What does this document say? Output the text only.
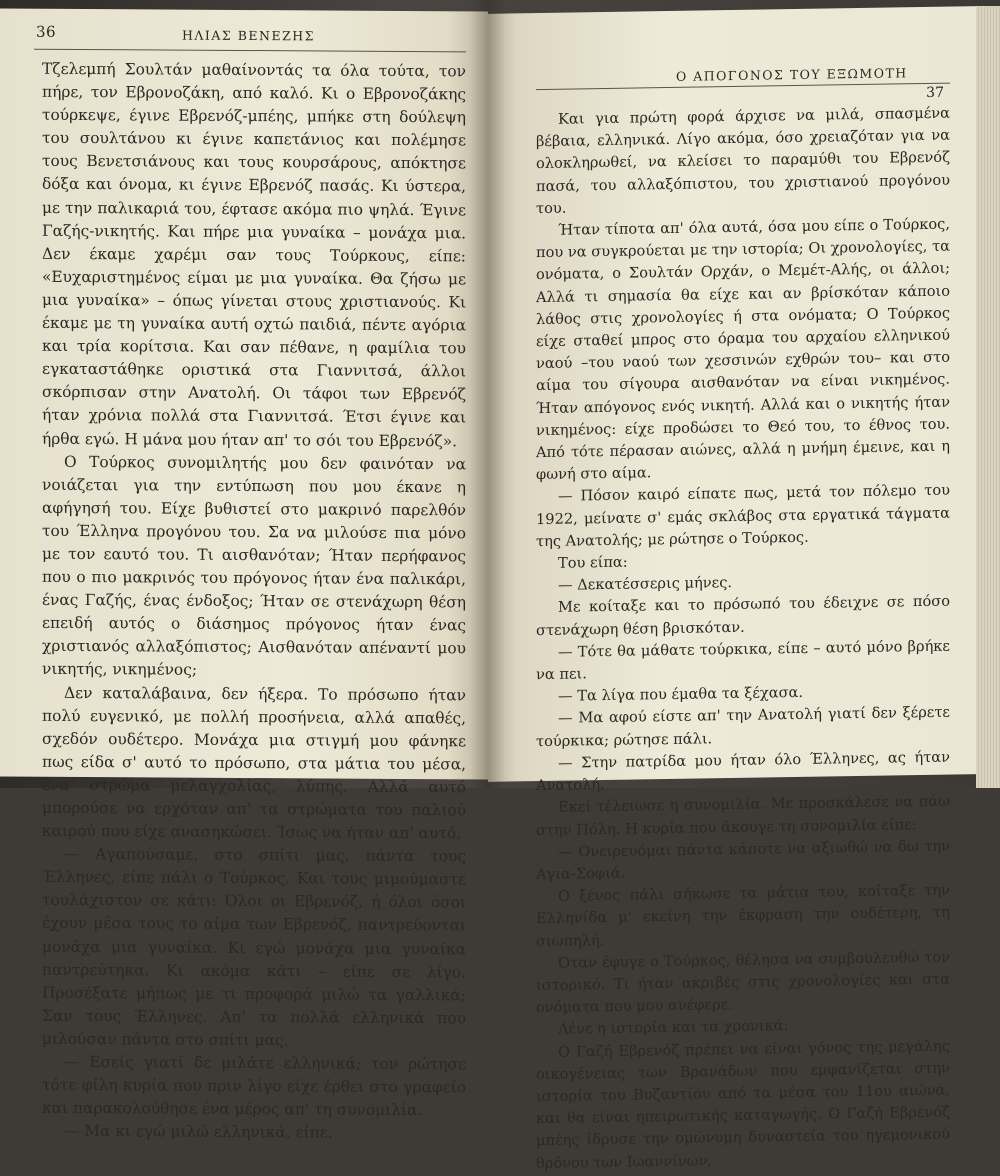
36	ΗΛΙΑΣ ΒΕΝΕΖΗΣ

Τζελεμπή Σουλτάν μαθαίνοντάς τα όλα τούτα, τον πήρε, τον Εβρονοζάκη, από καλό. Κι ο Εβρονοζάκης τούρκεψε, έγινε Εβρενόζ-μπέης, μπήκε στη δούλεψη του σουλτάνου κι έγινε καπετάνιος και πολέμησε τους Βενετσιάνους και τους κουρσάρους, απόκτησε δόξα και όνομα, κι έγινε Εβρενόζ πασάς. Κι ύστερα, με την παλικαριά του, έφτασε ακόμα πιο ψηλά. Έγινε Γαζής-νικητής. Και πήρε μια γυναίκα – μονάχα μια. Δεν έκαμε χαρέμι σαν τους Τούρκους, είπε: «Ευχαριστημένος είμαι με μια γυναίκα. Θα ζήσω με μια γυναίκα» – όπως γίνεται στους χριστιανούς. Κι έκαμε με τη γυναίκα αυτή οχτώ παιδιά, πέντε αγόρια και τρία κορίτσια. Και σαν πέθανε, η φαμίλια του εγκαταστάθηκε οριστικά στα Γιαννιτσά, άλλοι σκόρπισαν στην Ανατολή. Οι τάφοι των Εβρενόζ ήταν χρόνια πολλά στα Γιαννιτσά. Έτσι έγινε και ήρθα εγώ. Η μάνα μου ήταν απ' το σόι του Εβρενόζ».

Ο Τούρκος συνομιλητής μου δεν φαινόταν να νοιάζεται για την εντύπωση που μου έκανε η αφήγησή του. Είχε βυθιστεί στο μακρινό παρελθόν του Έλληνα προγόνου του. Σα να μιλούσε πια μόνο με τον εαυτό του. Τι αισθανόταν; Ήταν περήφανος που ο πιο μακρινός του πρόγονος ήταν ένα παλικάρι, ένας Γαζής, ένας ένδοξος; Ήταν σε στενάχωρη θέση επειδή αυτός ο διάσημος πρόγονος ήταν ένας χριστιανός αλλαξόπιστος; Αισθανόταν απέναντί μου νικητής, νικημένος;

Δεν καταλάβαινα, δεν ήξερα. Το πρόσωπο ήταν πολύ ευγενικό, με πολλή προσήνεια, αλλά απαθές, σχεδόν ουδέτερο. Μονάχα μια στιγμή μου φάνηκε πως είδα σ' αυτό το πρόσωπο, στα μάτια του μέσα, ένα στρώμα μελαγχολίας, λύπης. Αλλά αυτό μπορούσε να ερχόταν απ' τα στρώματα του παλιού καιρού που είχε ανασηκώσει. Ίσως να ήταν απ' αυτό.

— Αγαπούσαμε, στο σπίτι μας, πάντα τους Έλληνες, είπε πάλι ο Τούρκος. Και τους μιμούμαστε τουλάχιστον σε κάτι: Όλοι οι Εβρενόζ, ή όλοι όσοι έχουν μέσα τους το αίμα των Εβρενόζ, παντρεύονται μονάχα μια γυναίκα. Κι εγώ μονάχα μια γυναίκα παντρεύτηκα. Κι ακόμα κάτι – είπε σε λίγο. Προσέξατε μήπως με τι προφορά μιλώ τα γαλλικά; Σαν τους Έλληνες. Απ' τα πολλά ελληνικά που μιλούσαν πάντα στο σπίτι μας.

— Εσείς γιατί δε μιλάτε ελληνικά; τον ρώτησε τότε φίλη κυρία που πριν λίγο είχε έρθει στο γραφείο και παρακολούθησε ένα μέρος απ' τη συνομιλία.

— Μα κι εγώ μιλώ ελληνικά, είπε.

Ο ΑΠΟΓΟΝΟΣ ΤΟΥ ΕΞΩΜΟΤΗ
37

Και για πρώτη φορά άρχισε να μιλά, σπασμένα βέβαια, ελληνικά. Λίγο ακόμα, όσο χρειαζόταν για να ολοκληρωθεί, να κλείσει το παραμύθι του Εβρενόζ πασά, του αλλαξόπιστου, του χριστιανού προγόνου του.

Ήταν τίποτα απ' όλα αυτά, όσα μου είπε ο Τούρκος, που να συγκρούεται με την ιστορία; Οι χρονολογίες, τα ονόματα, ο Σουλτάν Ορχάν, ο Μεμέτ-Αλής, οι άλλοι; Αλλά τι σημασία θα είχε και αν βρίσκόταν κάποιο λάθος στις χρονολογίες ή στα ονόματα; Ο Τούρκος είχε σταθεί μπρος στο όραμα του αρχαίου ελληνικού ναού –του ναού των χεσσινών εχθρών του– και στο αίμα του σίγουρα αισθανόταν να είναι νικημένος. Ήταν απόγονος ενός νικητή. Αλλά και ο νικητής ήταν νικημένος: είχε προδώσει το Θεό του, το έθνος του. Από τότε πέρασαν αιώνες, αλλά η μνήμη έμεινε, και η φωνή στο αίμα.

— Πόσον καιρό είπατε πως, μετά τον πόλεμο του 1922, μείνατε σ' εμάς σκλάβος στα εργατικά τάγματα της Ανατολής; με ρώτησε ο Τούρκος.

Του είπα:

— Δεκατέσσερις μήνες.

Με κοίταξε και το πρόσωπό του έδειχνε σε πόσο στενάχωρη θέση βρισκόταν.

— Τότε θα μάθατε τούρκικα, είπε – αυτό μόνο βρήκε να πει.

— Τα λίγα που έμαθα τα ξέχασα.

— Μα αφού είστε απ' την Ανατολή γιατί δεν ξέρετε τούρκικα; ρώτησε πάλι.

— Στην πατρίδα μου ήταν όλο Έλληνες, ας ήταν Ανατολή.

Εκεί τέλειωσε η συνομιλία. Με προσκάλεσε να πάω στην Πόλη. Η κυρία που άκουγε τη συνομιλία είπε:

— Ονειρευόμαι πάντα κάποτε να αξιωθώ να δω την Αγια-Σοφιά.

Ο ξένος πάλι σήκωσε τα μάτια του, κοίταξε την Ελληνίδα μ' εκείνη την έκφραση την ουδέτερη, τη σιωπηλή.

Όταν έφυγε ο Τούρκος, θέλησα να συμβουλευθώ τον ιστορικό. Τι ήταν ακριβές στις χρονολογίες και στα ονόματα που μου ανέφερε.

Λένε η ιστορία και τα χρονικά:

Ο Γαζή Εβρενόζ πρέπει να είναι γόνος της μεγάλης οικογένειας των Βρανάδων που εμφανίζεται στην ιστορία του Βυζαντίου από τα μέσα του 11ου αιώνα, και θα είναι ηπειρωτικής καταγωγής. Ο Γαζή Εβρενόζ μπέης ίδρυσε την ομώνυμη δυναστεία του ηγεμονικού θρόνου των Ιωαννίνων,
